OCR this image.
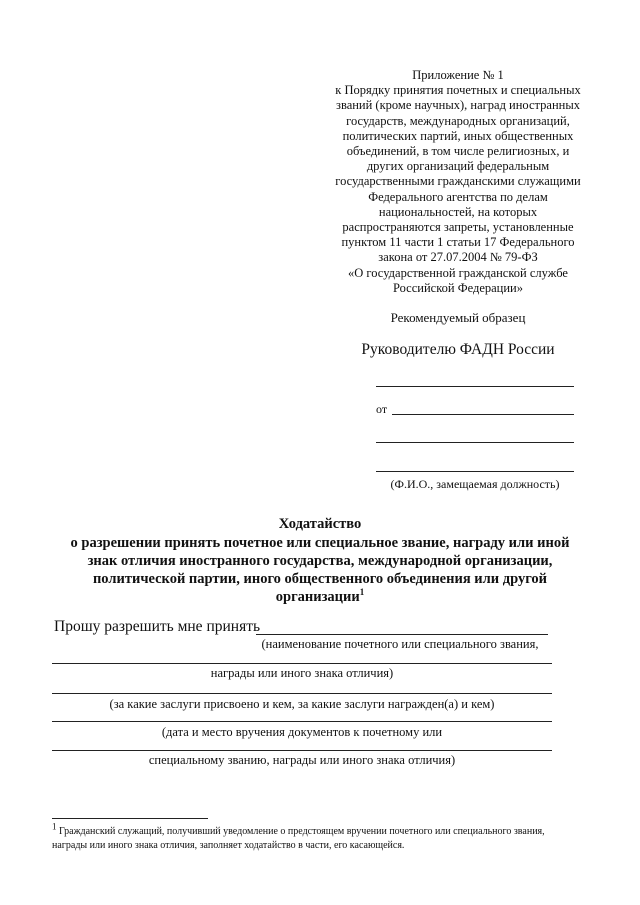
Приложение № 1
к Порядку принятия почетных и специальных
званий (кроме научных), наград иностранных
государств, международных организаций,
политических партий, иных общественных
объединений, в том числе религиозных, и
других организаций федеральным
государственными гражданскими служащими
Федерального агентства по делам
национальностей, на которых
распространяются запреты, установленные
пунктом 11 части 1 статьи 17 Федерального
закона от 27.07.2004 № 79-ФЗ
«О государственной гражданской службе
Российской Федерации»
Рекомендуемый образец
Руководителю ФАДН России
от
(Ф.И.О., замещаемая должность)
Ходатайство
о разрешении принять почетное или специальное звание, награду или иной
знак отличия иностранного государства, международной организации,
политической партии, иного общественного объединения или другой
организации$^1$
Прошу разрешить мне принять
(наименование почетного или специального звания,
награды или иного знака отличия)
(за какие заслуги присвоено и кем, за какие заслуги награжден(а) и кем)
(дата и место вручения документов к почетному или
специальному званию, награды или иного знака отличия)
$^1$ Гражданский служащий, получивший уведомление о предстоящем вручении почетного или специального звания,
награды или иного знака отличия, заполняет ходатайство в части, его касающейся.
